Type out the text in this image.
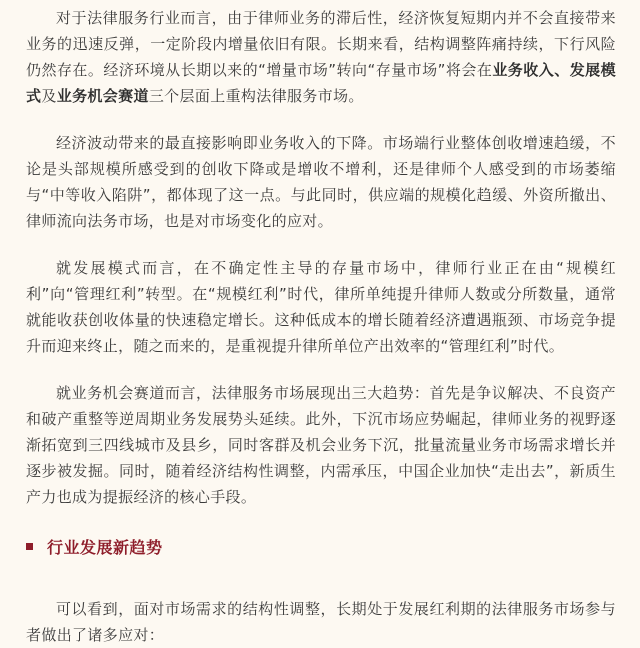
对于法律服务行业而言，由于律师业务的滞后性，经济恢复短期内并不会直接带来业务的迅速反弹，一定阶段内增量依旧有限。长期来看，结构调整阵痛持续，下行风险仍然存在。经济环境从长期以来的“增量市场”转向“存量市场”将会在业务收入、发展模式及业务机会赛道三个层面上重构法律服务市场。

经济波动带来的最直接影响即业务收入的下降。市场端行业整体创收增速趋缓，不论是头部规模所感受到的创收下降或是增收不增利，还是律师个人感受到的市场萎缩与“中等收入陷阱”，都体现了这一点。与此同时，供应端的规模化趋缓、外资所撤出、律师流向法务市场，也是对市场变化的应对。

就发展模式而言，在不确定性主导的存量市场中，律师行业正在由“规模红利”向“管理红利”转型。在“规模红利”时代，律所单纯提升律师人数或分所数量，通常就能收获创收体量的快速稳定增长。这种低成本的增长随着经济遭遇瓶颈、市场竞争提升而迎来终止，随之而来的，是重视提升律所单位产出效率的“管理红利”时代。

就业务机会赛道而言，法律服务市场展现出三大趋势：首先是争议解决、不良资产和破产重整等逆周期业务发展势头延续。此外，下沉市场应势崛起，律师业务的视野逐渐拓宽到三四线城市及县乡，同时客群及机会业务下沉，批量流量业务市场需求增长并逐步被发掘。同时，随着经济结构性调整，内需承压，中国企业加快“走出去”，新质生产力也成为提振经济的核心手段。

行业发展新趋势

可以看到，面对市场需求的结构性调整，长期处于发展红利期的法律服务市场参与者做出了诸多应对：
